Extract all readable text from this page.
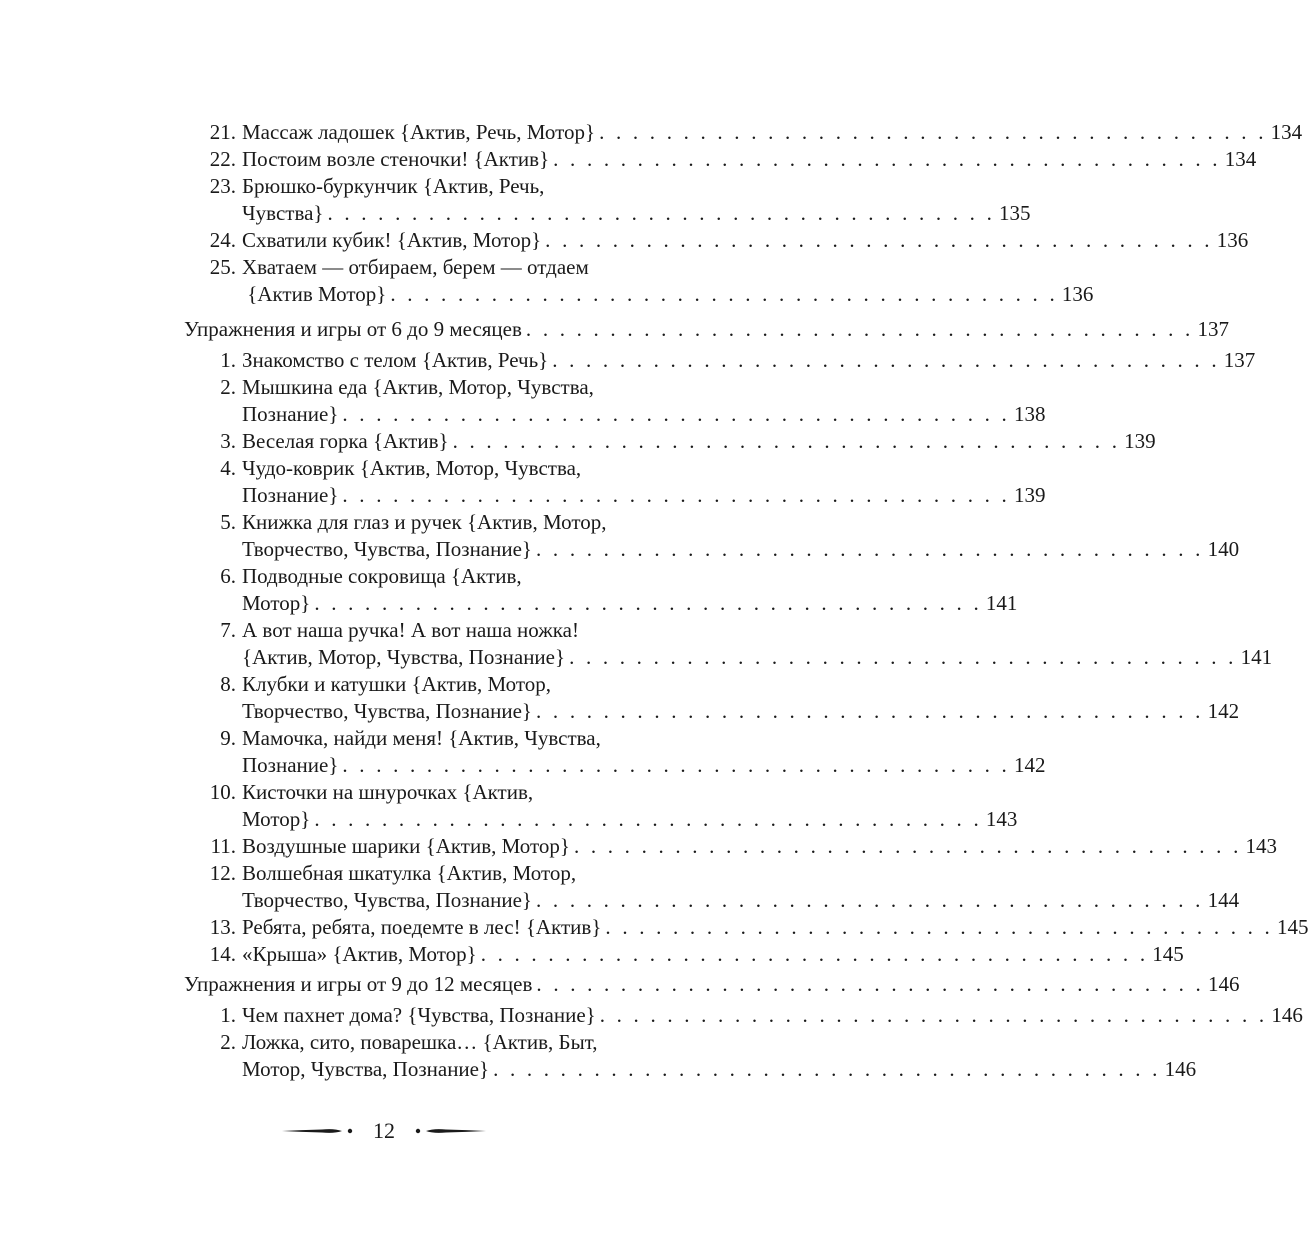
21. Массаж ладошек {Актив, Речь, Мотор} . . . . . . . . . . . . . . . . . . . . . . . . . . . . . . . . . . . . . . . . 134
22. Постоим возле стеночки! {Актив} . . . . . . . . . . . . . . . . . . . . . . . . . . . . . . . . . . . . . . . . 134
23. Брюшко-буркунчик {Актив, Речь,
Чувства} . . . . . . . . . . . . . . . . . . . . . . . . . . . . . . . . . . . . . . . . 135
24. Схватили кубик! {Актив, Мотор} . . . . . . . . . . . . . . . . . . . . . . . . . . . . . . . . . . . . . . . . 136
25. Хватаем — отбираем, берем — отдаем
{Актив Мотор} . . . . . . . . . . . . . . . . . . . . . . . . . . . . . . . . . . . . . . . . 136
Упражнения и игры от 6 до 9 месяцев . . . . . . . . . . . . . . . . . . . . . . . . . . . . . . . . . . . . . . . . 137
1. Знакомство с телом {Актив, Речь} . . . . . . . . . . . . . . . . . . . . . . . . . . . . . . . . . . . . . . . . 137
2. Мышкина еда {Актив, Мотор, Чувства,
Познание} . . . . . . . . . . . . . . . . . . . . . . . . . . . . . . . . . . . . . . . . 138
3. Веселая горка {Актив} . . . . . . . . . . . . . . . . . . . . . . . . . . . . . . . . . . . . . . . . 139
4. Чудо-коврик {Актив, Мотор, Чувства,
Познание} . . . . . . . . . . . . . . . . . . . . . . . . . . . . . . . . . . . . . . . . 139
5. Книжка для глаз и ручек {Актив, Мотор,
Творчество, Чувства, Познание} . . . . . . . . . . . . . . . . . . . . . . . . . . . . . . . . . . . . . . . . 140
6. Подводные сокровища {Актив,
Мотор} . . . . . . . . . . . . . . . . . . . . . . . . . . . . . . . . . . . . . . . . 141
7. А вот наша ручка! А вот наша ножка!
{Актив, Мотор, Чувства, Познание} . . . . . . . . . . . . . . . . . . . . . . . . . . . . . . . . . . . . . . . . 141
8. Клубки и катушки {Актив, Мотор,
Творчество, Чувства, Познание} . . . . . . . . . . . . . . . . . . . . . . . . . . . . . . . . . . . . . . . . 142
9. Мамочка, найди меня! {Актив, Чувства,
Познание} . . . . . . . . . . . . . . . . . . . . . . . . . . . . . . . . . . . . . . . . 142
10. Кисточки на шнурочках {Актив,
Мотор} . . . . . . . . . . . . . . . . . . . . . . . . . . . . . . . . . . . . . . . . 143
11. Воздушные шарики {Актив, Мотор} . . . . . . . . . . . . . . . . . . . . . . . . . . . . . . . . . . . . . . . . 143
12. Волшебная шкатулка {Актив, Мотор,
Творчество, Чувства, Познание} . . . . . . . . . . . . . . . . . . . . . . . . . . . . . . . . . . . . . . . . 144
13. Ребята, ребята, поедемте в лес! {Актив} . . . . . . . . . . . . . . . . . . . . . . . . . . . . . . . . . . . . . . . . 145
14. «Крыша» {Актив, Мотор} . . . . . . . . . . . . . . . . . . . . . . . . . . . . . . . . . . . . . . . . 145
Упражнения и игры от 9 до 12 месяцев . . . . . . . . . . . . . . . . . . . . . . . . . . . . . . . . . . . . . . . . 146
1. Чем пахнет дома? {Чувства, Познание} . . . . . . . . . . . . . . . . . . . . . . . . . . . . . . . . . . . . . . . . 146
2. Ложка, сито, поварешка… {Актив, Быт,
Мотор, Чувства, Познание} . . . . . . . . . . . . . . . . . . . . . . . . . . . . . . . . . . . . . . . . 146
12
